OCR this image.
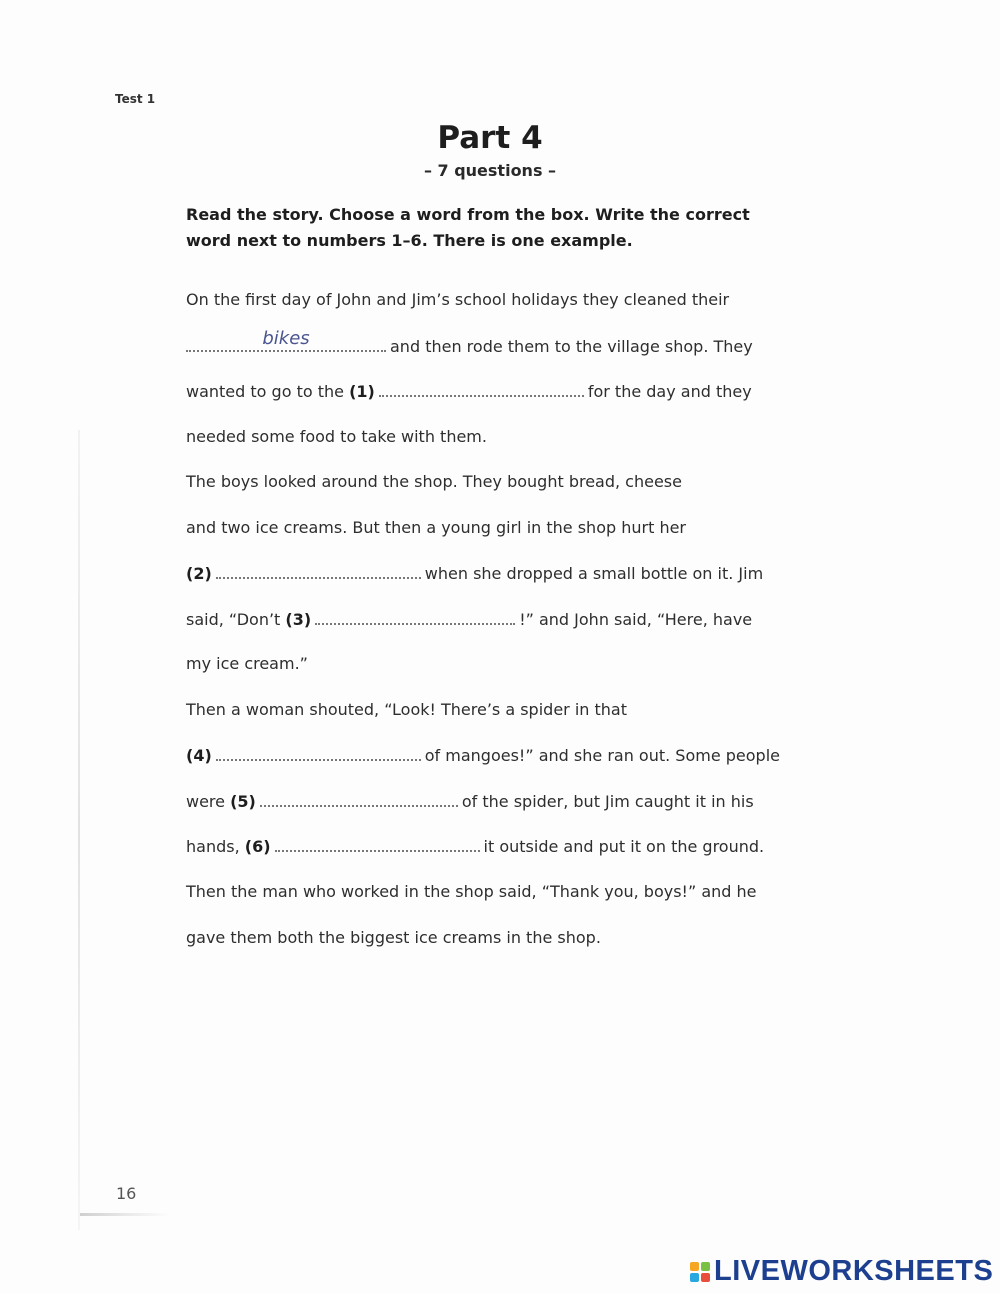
Test 1
Part 4
– 7 questions –
Read the story. Choose a word from the box. Write the correct
word next to numbers 1–6. There is one example.
On the first day of John and Jim’s school holidays they cleaned their
bikes	and then rode them to the village shop. They
wanted to go to the (1)	for the day and they
needed some food to take with them.
The boys looked around the shop. They bought bread, cheese
and two ice creams. But then a young girl in the shop hurt her
(2)	when she dropped a small bottle on it. Jim
said, “Don’t (3)	!” and John said, “Here, have
my ice cream.”
Then a woman shouted, “Look! There’s a spider in that
(4)	of mangoes!” and she ran out. Some people
were (5)	of the spider, but Jim caught it in his
hands, (6)	it outside and put it on the ground.
Then the man who worked in the shop said, “Thank you, boys!” and he
gave them both the biggest ice creams in the shop.
16
LIVEWORKSHEETS
